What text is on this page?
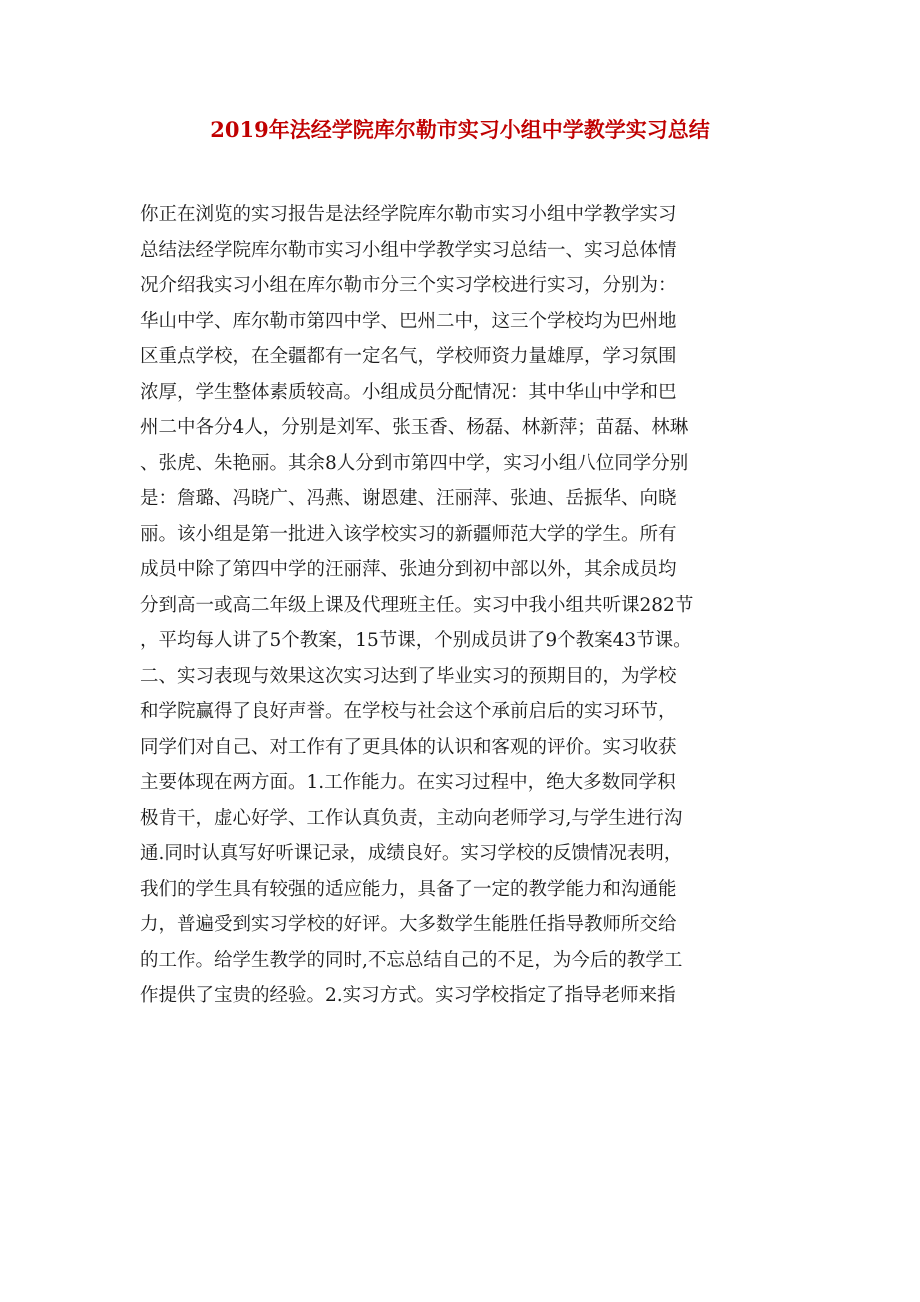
2019年法经学院库尔勒市实习小组中学教学实习总结
你正在浏览的实习报告是法经学院库尔勒市实习小组中学教学实习
总结法经学院库尔勒市实习小组中学教学实习总结一、实习总体情
况介绍我实习小组在库尔勒市分三个实习学校进行实习，分别为：
华山中学、库尔勒市第四中学、巴州二中，这三个学校均为巴州地
区重点学校，在全疆都有一定名气，学校师资力量雄厚，学习氛围
浓厚，学生整体素质较高。小组成员分配情况：其中华山中学和巴
州二中各分4人，分别是刘军、张玉香、杨磊、林新萍；苗磊、林琳
、张虎、朱艳丽。其余8人分到市第四中学，实习小组八位同学分别
是：詹璐、冯晓广、冯燕、谢恩建、汪丽萍、张迪、岳振华、向晓
丽。该小组是第一批进入该学校实习的新疆师范大学的学生。所有
成员中除了第四中学的汪丽萍、张迪分到初中部以外，其余成员均
分到高一或高二年级上课及代理班主任。实习中我小组共听课282节
，平均每人讲了5个教案，15节课，个别成员讲了9个教案43节课。
二、实习表现与效果这次实习达到了毕业实习的预期目的，为学校
和学院赢得了良好声誉。在学校与社会这个承前启后的实习环节，
同学们对自己、对工作有了更具体的认识和客观的评价。实习收获
主要体现在两方面。1.工作能力。在实习过程中，绝大多数同学积
极肯干，虚心好学、工作认真负责，主动向老师学习,与学生进行沟
通.同时认真写好听课记录，成绩良好。实习学校的反馈情况表明，
我们的学生具有较强的适应能力，具备了一定的教学能力和沟通能
力，普遍受到实习学校的好评。大多数学生能胜任指导教师所交给
的工作。给学生教学的同时,不忘总结自己的不足，为今后的教学工
作提供了宝贵的经验。2.实习方式。实习学校指定了指导老师来指
